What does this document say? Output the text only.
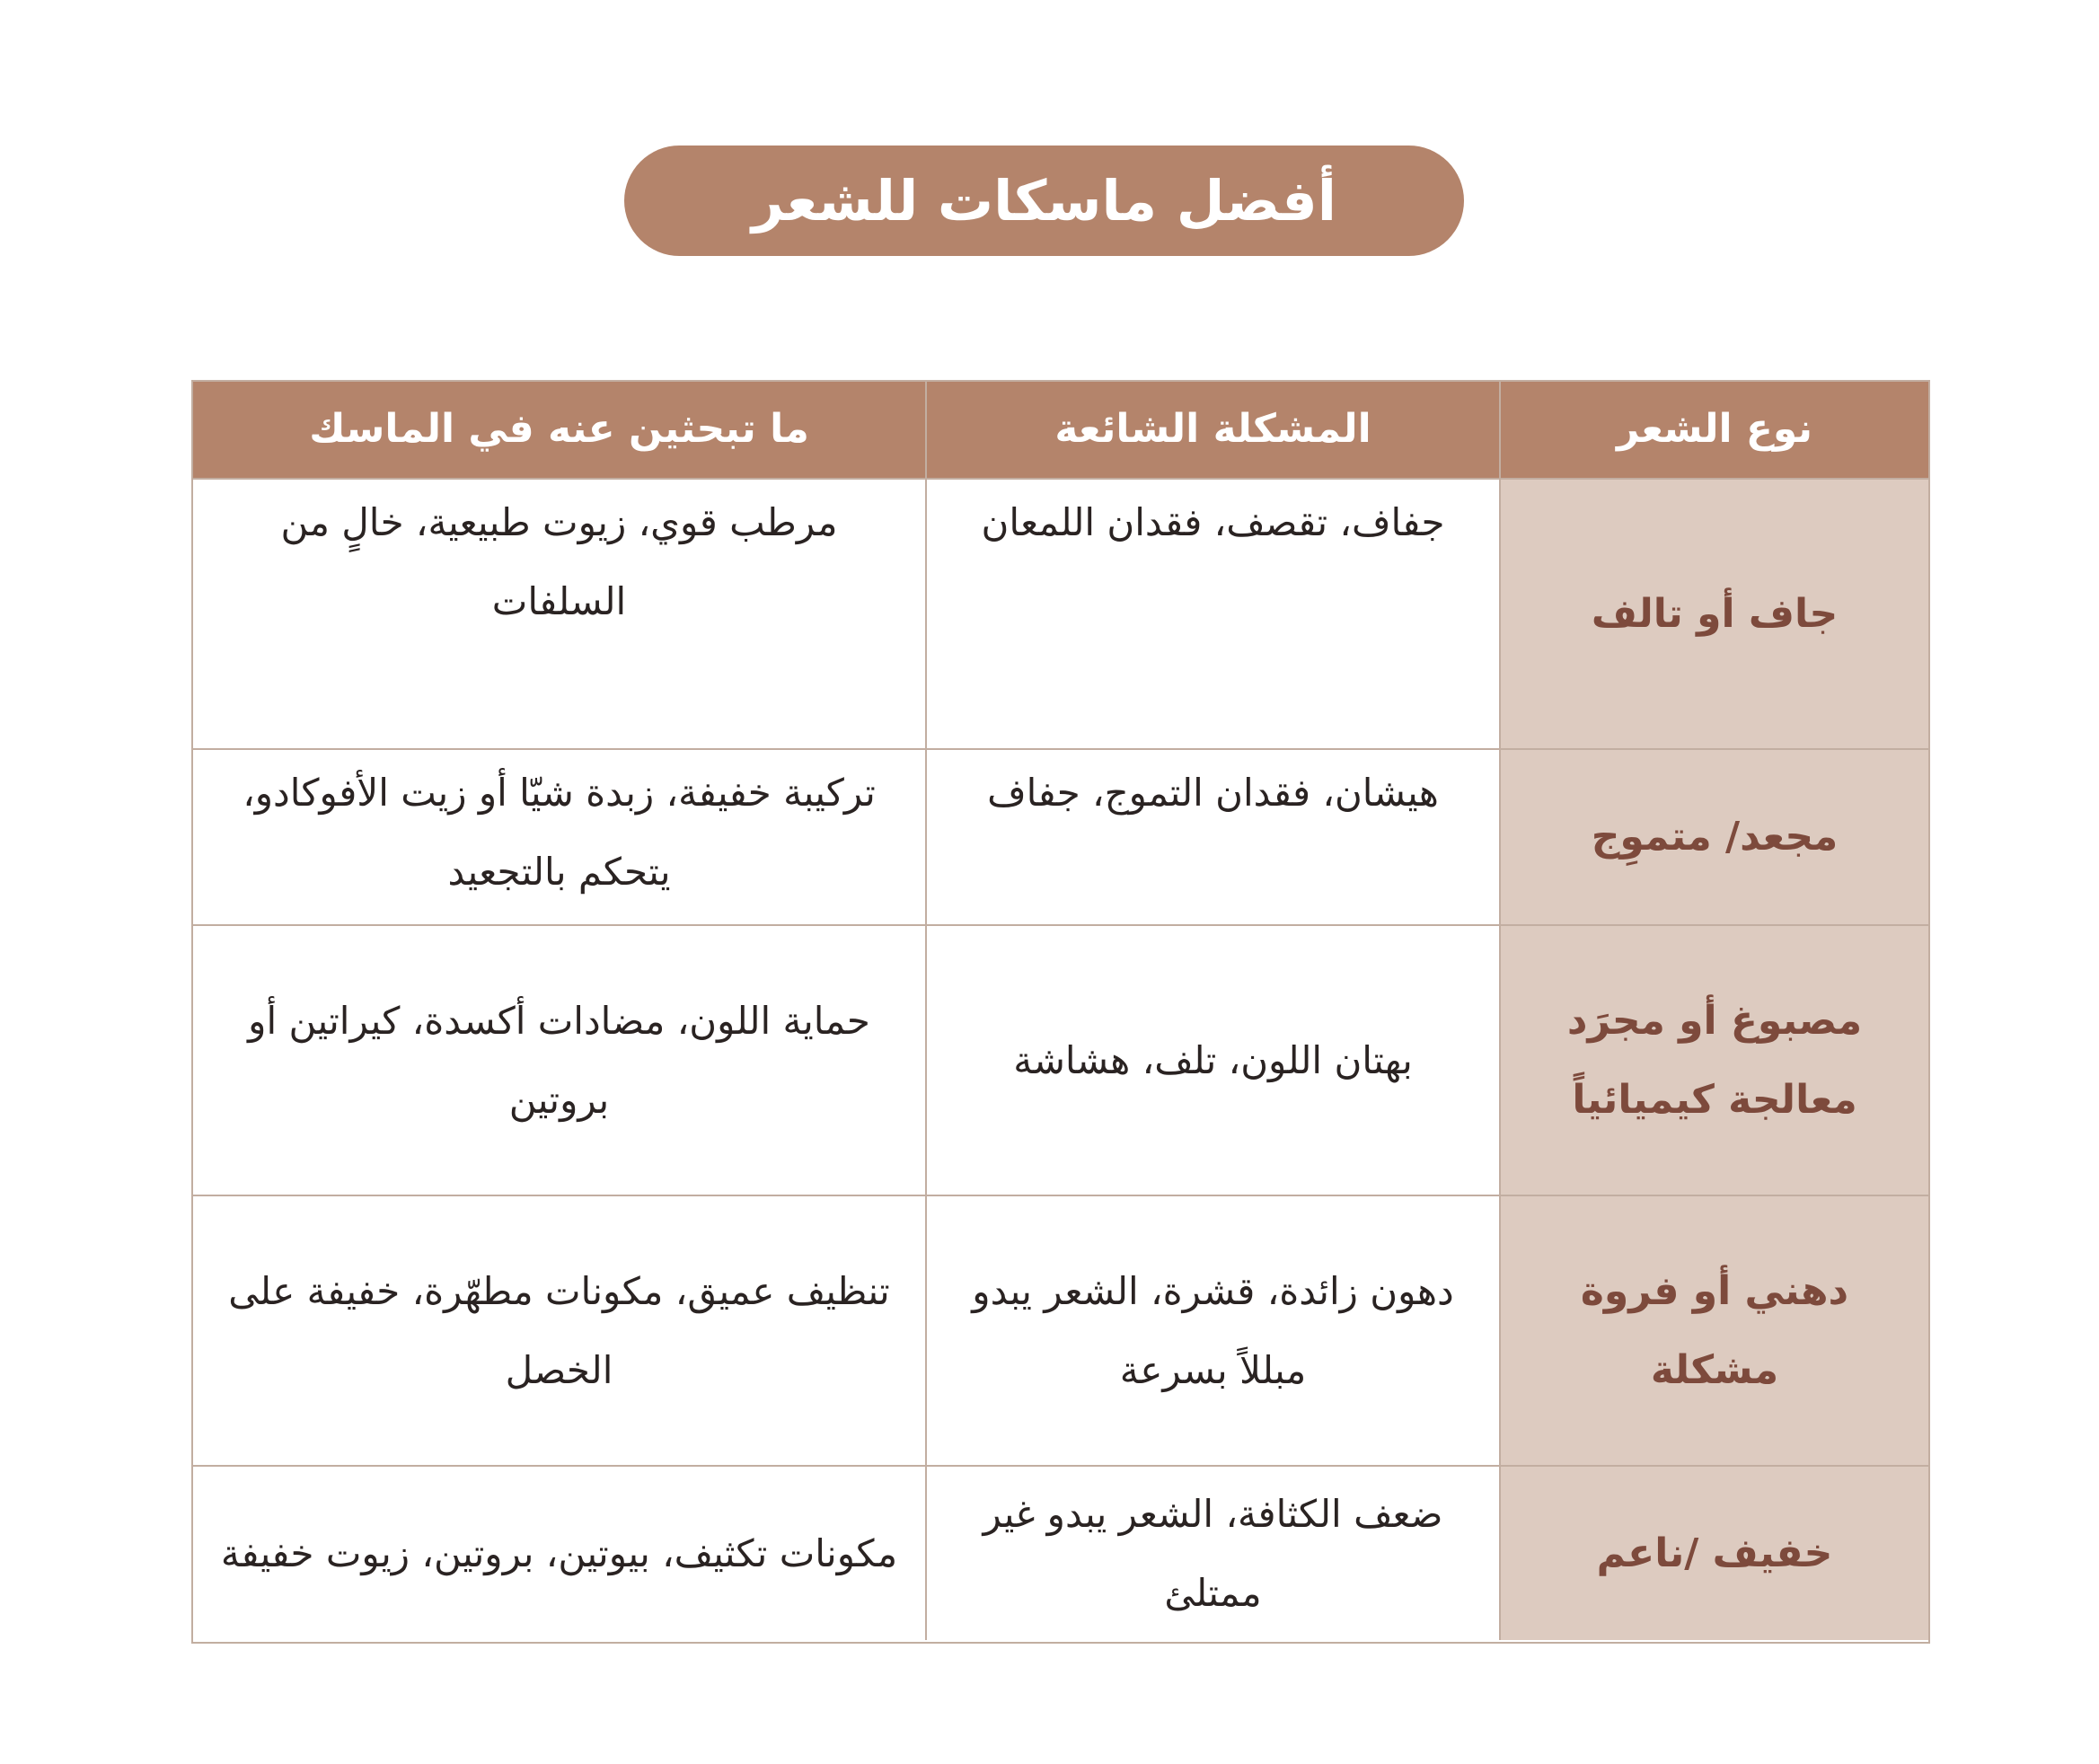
أفضل ماسكات للشعر
نوع الشعر
المشكلة الشائعة
ما تبحثين عنه في الماسك
جاف أو تالف
جفاف، تقصف، فقدان اللمعان
مرطب قوي، زيوت طبيعية، خالٍ من السلفات
مجعد/ متموِج
هيشان، فقدان التموج، جفاف
تركيبة خفيفة، زبدة شيّا أو زيت الأفوكادو، يتحكم بالتجعيد
مصبوغ أو مجرَد معالجة كيميائياً
بهتان اللون، تلف، هشاشة
حماية اللون، مضادات أكسدة، كيراتين أو بروتين
دهني أو فروة مشكلة
دهون زائدة، قشرة، الشعر يبدو مبللاً بسرعة
تنظيف عميق، مكونات مطهّرة، خفيفة على الخصل
خفيف /ناعم
ضعف الكثافة، الشعر يبدو غير ممتلئ
مكونات تكثيف، بيوتين، بروتين، زيوت خفيفة
